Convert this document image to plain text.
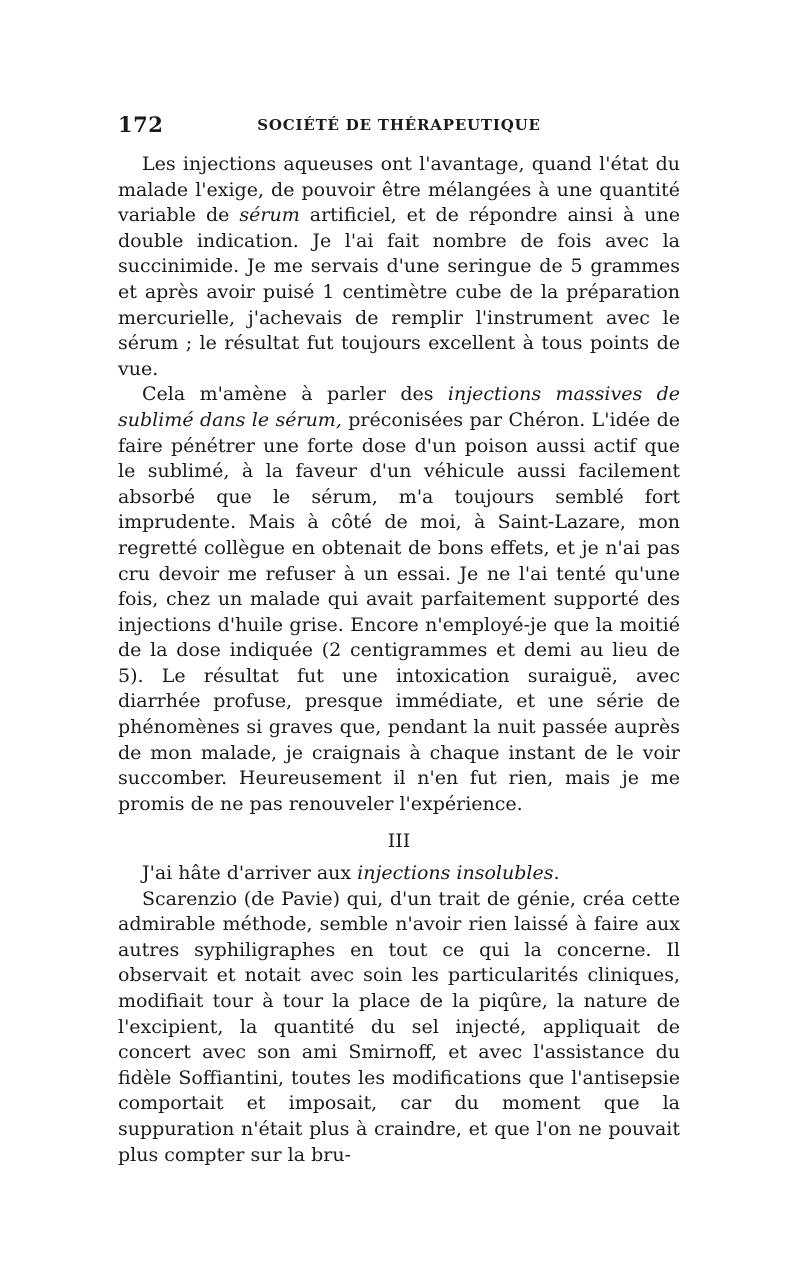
172	SOCIÉTÉ DE THÉRAPEUTIQUE

Les injections aqueuses ont l'avantage, quand l'état du malade l'exige, de pouvoir être mélangées à une quantité variable de sérum artificiel, et de répondre ainsi à une double indication. Je l'ai fait nombre de fois avec la succinimide. Je me servais d'une seringue de 5 grammes et après avoir puisé 1 centimètre cube de la préparation mercurielle, j'achevais de remplir l'instrument avec le sérum ; le résultat fut toujours excellent à tous points de vue.

Cela m'amène à parler des injections massives de sublimé dans le sérum, préconisées par Chéron. L'idée de faire pénétrer une forte dose d'un poison aussi actif que le sublimé, à la faveur d'un véhicule aussi facilement absorbé que le sérum, m'a toujours semblé fort imprudente. Mais à côté de moi, à Saint-Lazare, mon regretté collègue en obtenait de bons effets, et je n'ai pas cru devoir me refuser à un essai. Je ne l'ai tenté qu'une fois, chez un malade qui avait parfaitement supporté des injections d'huile grise. Encore n'employé-je que la moitié de la dose indiquée (2 centigrammes et demi au lieu de 5). Le résultat fut une intoxication suraiguë, avec diarrhée profuse, presque immédiate, et une série de phénomènes si graves que, pendant la nuit passée auprès de mon malade, je craignais à chaque instant de le voir succomber. Heureusement il n'en fut rien, mais je me promis de ne pas renouveler l'expérience.

III

J'ai hâte d'arriver aux injections insolubles.

Scarenzio (de Pavie) qui, d'un trait de génie, créa cette admirable méthode, semble n'avoir rien laissé à faire aux autres syphiligraphes en tout ce qui la concerne. Il observait et notait avec soin les particularités cliniques, modifiait tour à tour la place de la piqûre, la nature de l'excipient, la quantité du sel injecté, appliquait de concert avec son ami Smirnoff, et avec l'assistance du fidèle Soffiantini, toutes les modifications que l'antisepsie comportait et imposait, car du moment que la suppuration n'était plus à craindre, et que l'on ne pouvait plus compter sur la bru-
